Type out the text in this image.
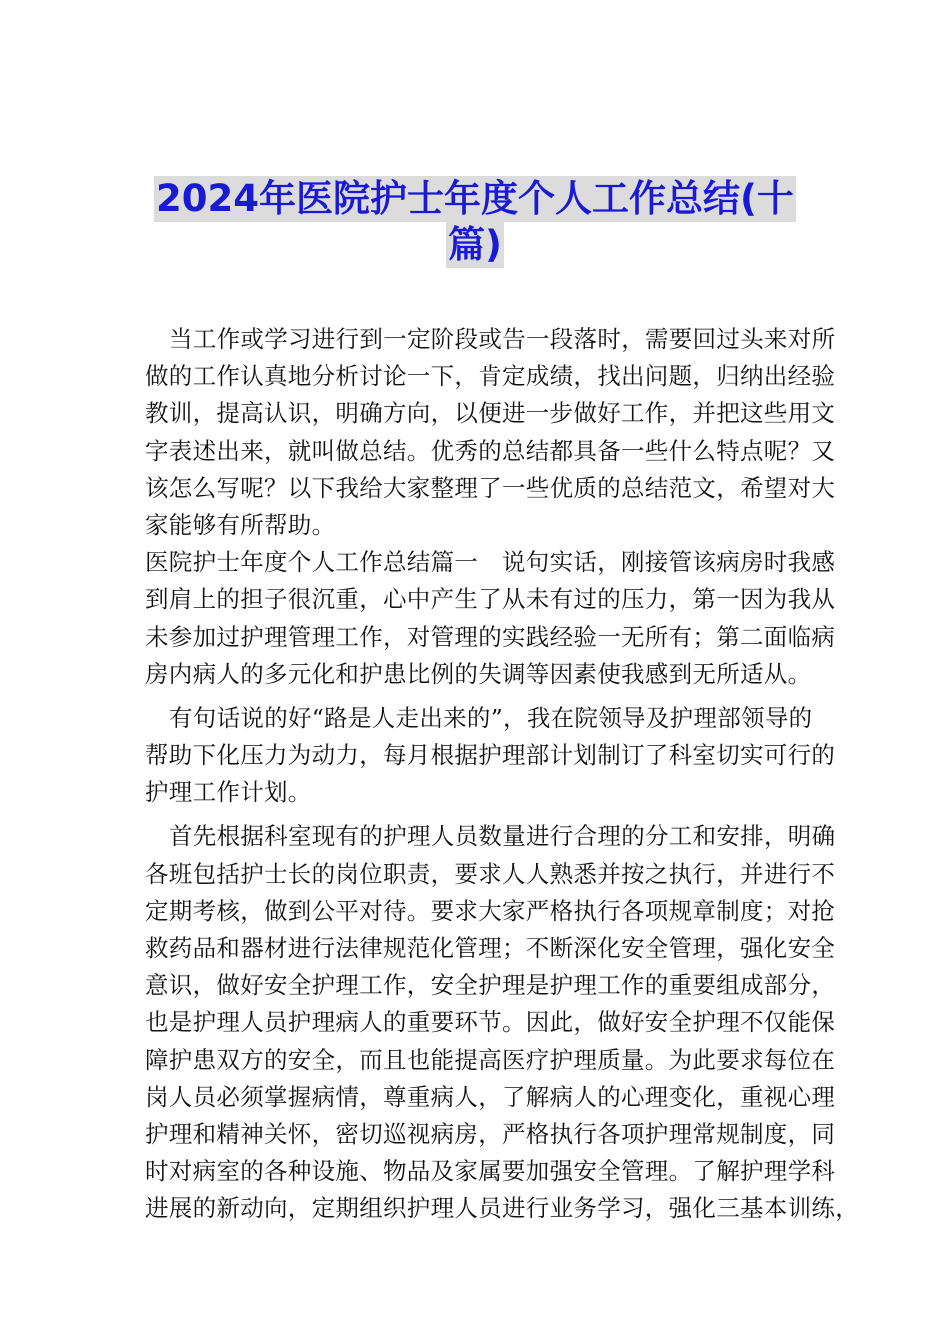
2024年医院护士年度个人工作总结(十
篇)
当工作或学习进行到一定阶段或告一段落时，需要回过头来对所
做的工作认真地分析讨论一下，肯定成绩，找出问题，归纳出经验
教训，提高认识，明确方向，以便进一步做好工作，并把这些用文
字表述出来，就叫做总结。优秀的总结都具备一些什么特点呢？又
该怎么写呢？以下我给大家整理了一些优质的总结范文，希望对大
家能够有所帮助。
医院护士年度个人工作总结篇一　说句实话，刚接管该病房时我感
到肩上的担子很沉重，心中产生了从未有过的压力，第一因为我从
未参加过护理管理工作，对管理的实践经验一无所有；第二面临病
房内病人的多元化和护患比例的失调等因素使我感到无所适从。
有句话说的好“路是人走出来的”，我在院领导及护理部领导的
帮助下化压力为动力，每月根据护理部计划制订了科室切实可行的
护理工作计划。
首先根据科室现有的护理人员数量进行合理的分工和安排，明确
各班包括护士长的岗位职责，要求人人熟悉并按之执行，并进行不
定期考核，做到公平对待。要求大家严格执行各项规章制度；对抢
救药品和器材进行法律规范化管理；不断深化安全管理，强化安全
意识，做好安全护理工作，安全护理是护理工作的重要组成部分，
也是护理人员护理病人的重要环节。因此，做好安全护理不仅能保
障护患双方的安全，而且也能提高医疗护理质量。为此要求每位在
岗人员必须掌握病情，尊重病人，了解病人的心理变化，重视心理
护理和精神关怀，密切巡视病房，严格执行各项护理常规制度，同
时对病室的各种设施、物品及家属要加强安全管理。了解护理学科
进展的新动向，定期组织护理人员进行业务学习，强化三基本训练，
